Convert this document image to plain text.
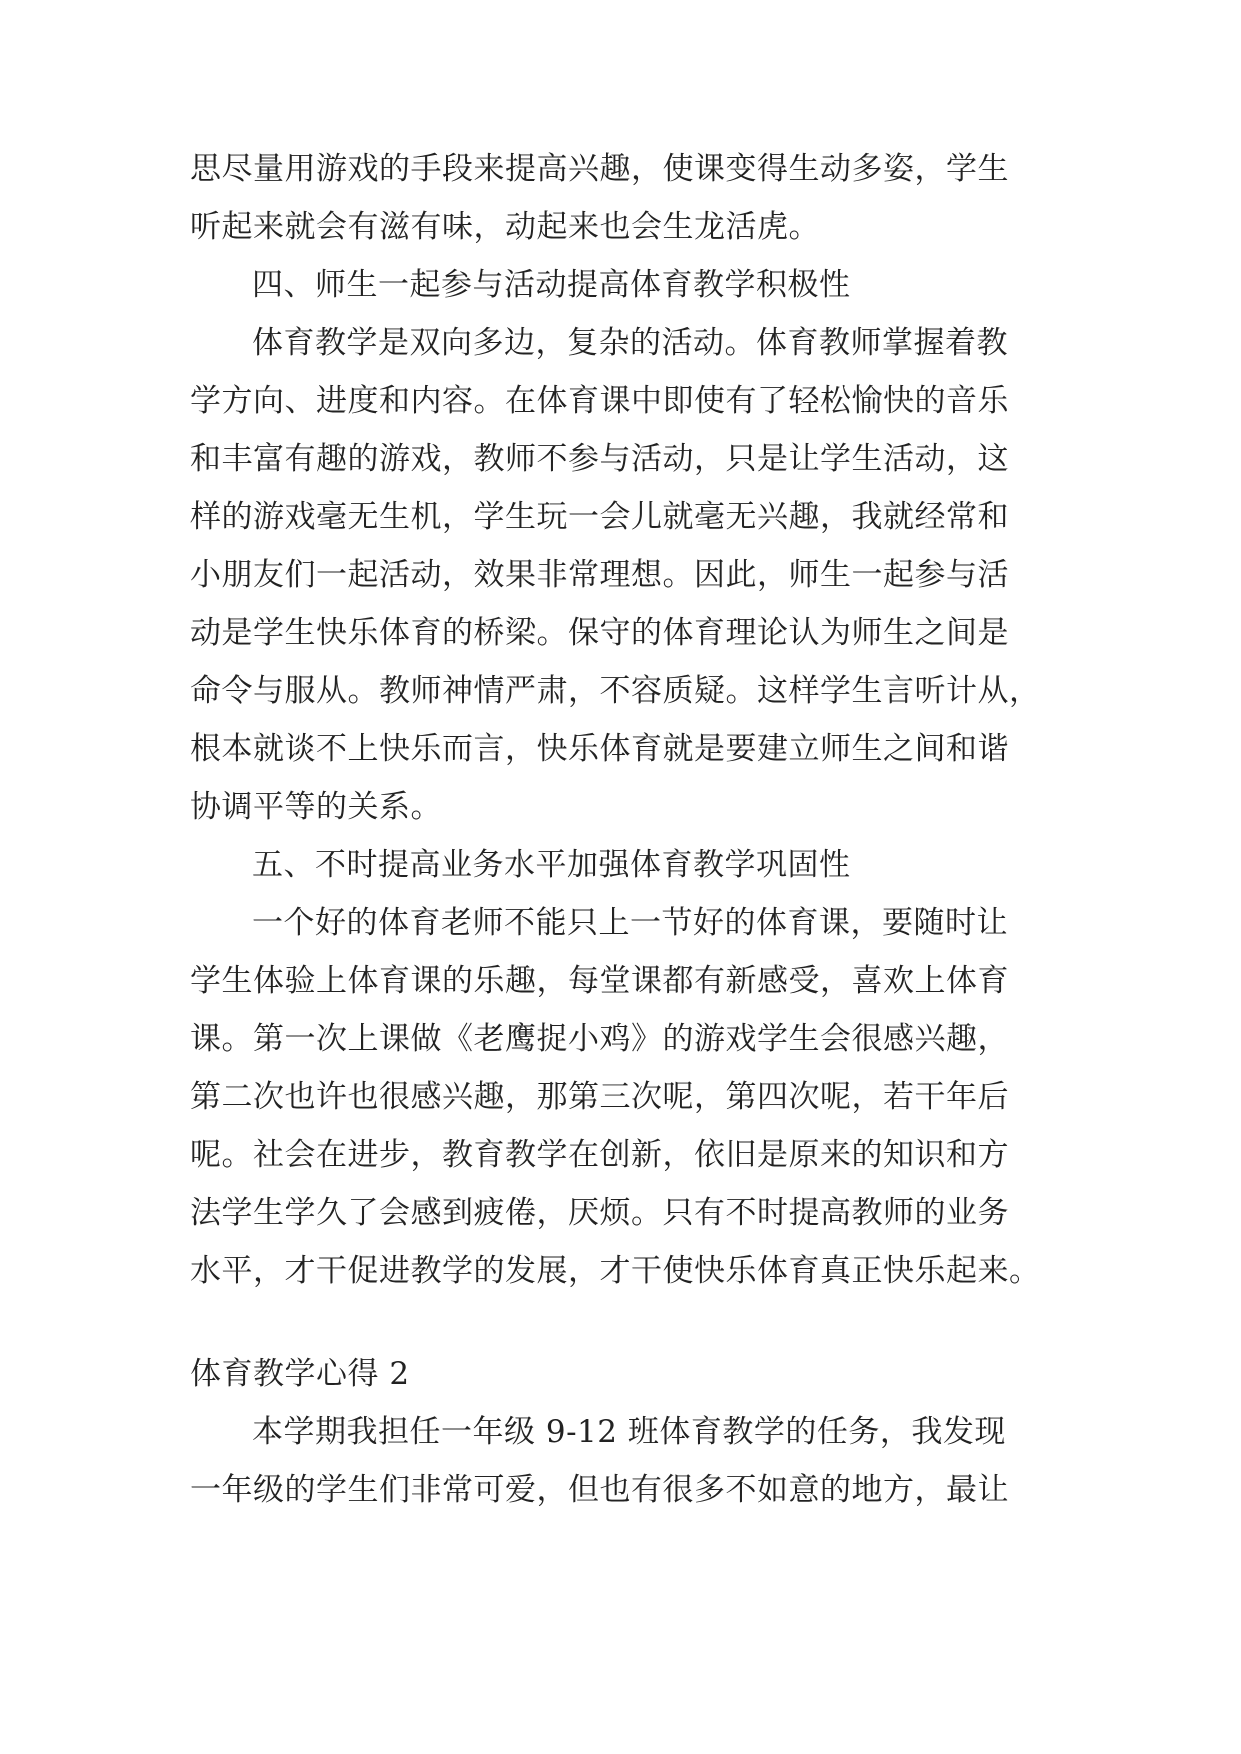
思尽量用游戏的手段来提高兴趣，使课变得生动多姿，学生
听起来就会有滋有味，动起来也会生龙活虎。
四、师生一起参与活动提高体育教学积极性
体育教学是双向多边，复杂的活动。体育教师掌握着教
学方向、进度和内容。在体育课中即使有了轻松愉快的音乐
和丰富有趣的游戏，教师不参与活动，只是让学生活动，这
样的游戏毫无生机，学生玩一会儿就毫无兴趣，我就经常和
小朋友们一起活动，效果非常理想。因此，师生一起参与活
动是学生快乐体育的桥梁。保守的体育理论认为师生之间是
命令与服从。教师神情严肃，不容质疑。这样学生言听计从，
根本就谈不上快乐而言，快乐体育就是要建立师生之间和谐
协调平等的关系。
五、不时提高业务水平加强体育教学巩固性
一个好的体育老师不能只上一节好的体育课，要随时让
学生体验上体育课的乐趣，每堂课都有新感受，喜欢上体育
课。第一次上课做《老鹰捉小鸡》的游戏学生会很感兴趣，
第二次也许也很感兴趣，那第三次呢，第四次呢，若干年后
呢。社会在进步，教育教学在创新，依旧是原来的知识和方
法学生学久了会感到疲倦，厌烦。只有不时提高教师的业务
水平，才干促进教学的发展，才干使快乐体育真正快乐起来。
体育教学心得 2
本学期我担任一年级 9-12 班体育教学的任务，我发现
一年级的学生们非常可爱，但也有很多不如意的地方，最让
